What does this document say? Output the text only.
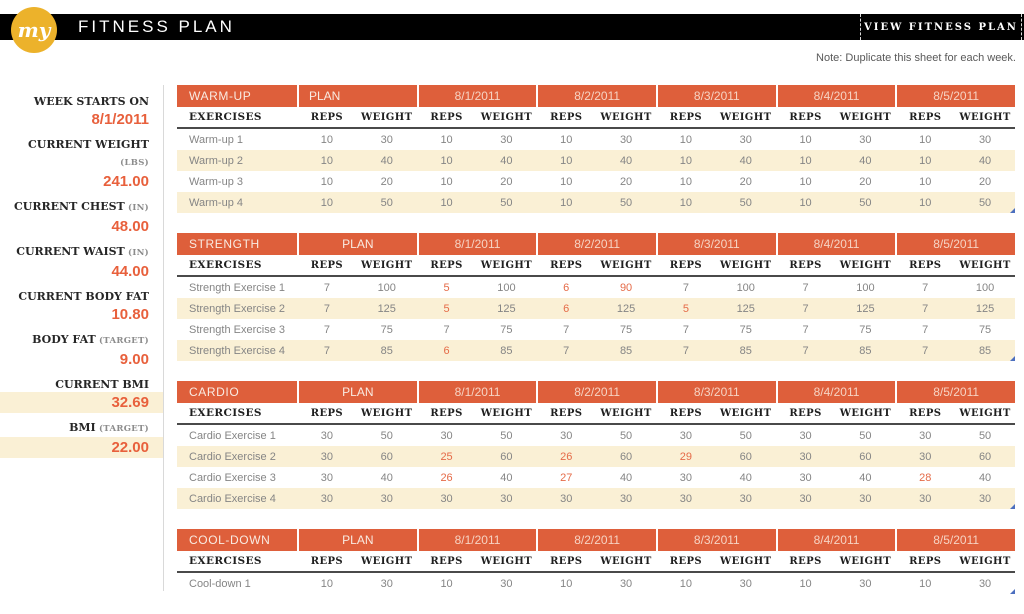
FITNESS PLAN	VIEW FITNESS PLAN
my
Note: Duplicate this sheet for each week.
WEEK STARTS ON
8/1/2011
CURRENT WEIGHT (LBS)
241.00
CURRENT CHEST (IN)
48.00
CURRENT WAIST (IN)
44.00
CURRENT BODY FAT
10.80
BODY FAT (TARGET)
9.00
CURRENT BMI
32.69
BMI (TARGET)
22.00
WARM-UP	PLAN	8/1/2011	8/2/2011	8/3/2011	8/4/2011	8/5/2011
EXERCISES	REPS	WEIGHT	REPS	WEIGHT	REPS	WEIGHT	REPS	WEIGHT	REPS	WEIGHT	REPS	WEIGHT
Warm-up 1	10	30	10	30	10	30	10	30	10	30	10	30
Warm-up 2	10	40	10	40	10	40	10	40	10	40	10	40
Warm-up 3	10	20	10	20	10	20	10	20	10	20	10	20
Warm-up 4	10	50	10	50	10	50	10	50	10	50	10	50
STRENGTH	PLAN	8/1/2011	8/2/2011	8/3/2011	8/4/2011	8/5/2011
EXERCISES	REPS	WEIGHT	REPS	WEIGHT	REPS	WEIGHT	REPS	WEIGHT	REPS	WEIGHT	REPS	WEIGHT
Strength Exercise 1	7	100	5	100	6	90	7	100	7	100	7	100
Strength Exercise 2	7	125	5	125	6	125	5	125	7	125	7	125
Strength Exercise 3	7	75	7	75	7	75	7	75	7	75	7	75
Strength Exercise 4	7	85	6	85	7	85	7	85	7	85	7	85
CARDIO	PLAN	8/1/2011	8/2/2011	8/3/2011	8/4/2011	8/5/2011
EXERCISES	REPS	WEIGHT	REPS	WEIGHT	REPS	WEIGHT	REPS	WEIGHT	REPS	WEIGHT	REPS	WEIGHT
Cardio Exercise 1	30	50	30	50	30	50	30	50	30	50	30	50
Cardio Exercise 2	30	60	25	60	26	60	29	60	30	60	30	60
Cardio Exercise 3	30	40	26	40	27	40	30	40	30	40	28	40
Cardio Exercise 4	30	30	30	30	30	30	30	30	30	30	30	30
COOL-DOWN	PLAN	8/1/2011	8/2/2011	8/3/2011	8/4/2011	8/5/2011
EXERCISES	REPS	WEIGHT	REPS	WEIGHT	REPS	WEIGHT	REPS	WEIGHT	REPS	WEIGHT	REPS	WEIGHT
Cool-down 1	10	30	10	30	10	30	10	30	10	30	10	30
